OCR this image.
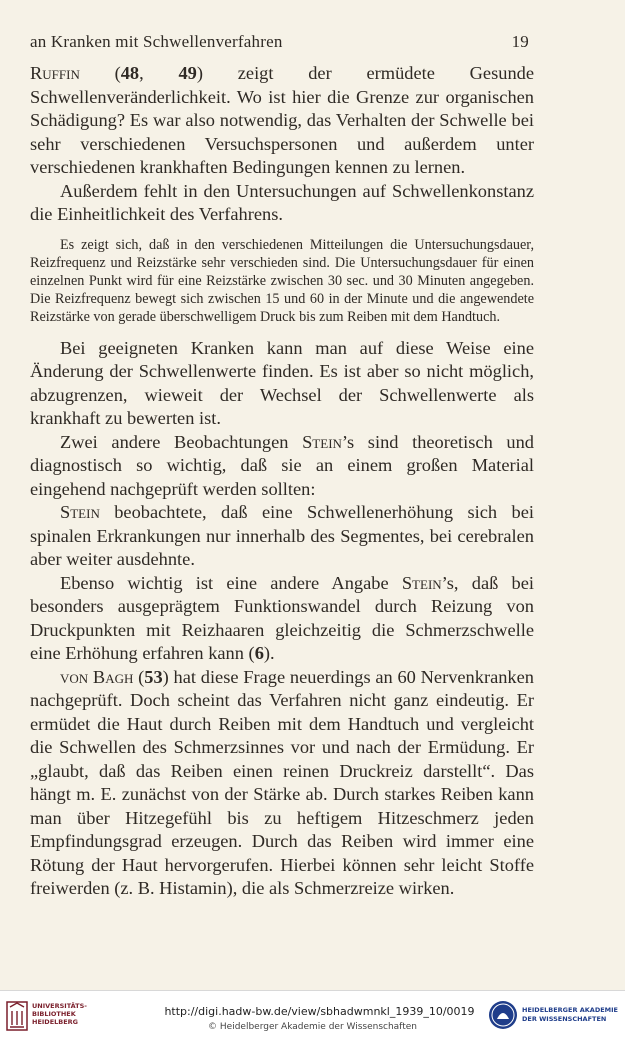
an Kranken mit Schwellenverfahren	19

Ruffin (48, 49) zeigt der ermüdete Gesunde Schwellenveränderlichkeit. Wo ist hier die Grenze zur organischen Schädigung? Es war also notwendig, das Verhalten der Schwelle bei sehr verschiedenen Versuchspersonen und außerdem unter verschiedenen krankhaften Bedingungen kennen zu lernen.

Außerdem fehlt in den Untersuchungen auf Schwellenkonstanz die Einheitlichkeit des Verfahrens.

Es zeigt sich, daß in den verschiedenen Mitteilungen die Untersuchungsdauer, Reizfrequenz und Reizstärke sehr verschieden sind. Die Untersuchungsdauer für einen einzelnen Punkt wird für eine Reizstärke zwischen 30 sec. und 30 Minuten angegeben. Die Reizfrequenz bewegt sich zwischen 15 und 60 in der Minute und die angewendete Reizstärke von gerade überschwelligem Druck bis zum Reiben mit dem Handtuch.

Bei geeigneten Kranken kann man auf diese Weise eine Änderung der Schwellenwerte finden. Es ist aber so nicht möglich, abzugrenzen, wieweit der Wechsel der Schwellenwerte als krankhaft zu bewerten ist.

Zwei andere Beobachtungen Stein’s sind theoretisch und diagnostisch so wichtig, daß sie an einem großen Material eingehend nachgeprüft werden sollten:

Stein beobachtete, daß eine Schwellenerhöhung sich bei spinalen Erkrankungen nur innerhalb des Segmentes, bei cerebralen aber weiter ausdehnte.

Ebenso wichtig ist eine andere Angabe Stein’s, daß bei besonders ausgeprägtem Funktionswandel durch Reizung von Druckpunkten mit Reizhaaren gleichzeitig die Schmerzschwelle eine Erhöhung erfahren kann (6).

von Bagh (53) hat diese Frage neuerdings an 60 Nervenkranken nachgeprüft. Doch scheint das Verfahren nicht ganz eindeutig. Er ermüdet die Haut durch Reiben mit dem Handtuch und vergleicht die Schwellen des Schmerzsinnes vor und nach der Ermüdung. Er „glaubt, daß das Reiben einen reinen Druckreiz darstellt“. Das hängt m. E. zunächst von der Stärke ab. Durch starkes Reiben kann man über Hitzegefühl bis zu heftigem Hitzeschmerz jeden Empfindungsgrad erzeugen. Durch das Reiben wird immer eine Rötung der Haut hervorgerufen. Hierbei können sehr leicht Stoffe freiwerden (z. B. Histamin), die als Schmerzreize wirken.

UNIVERSITÄTS-
BIBLIOTHEK
HEIDELBERG
http://digi.hadw-bw.de/view/sbhadwmnkl_1939_10/0019
© Heidelberger Akademie der Wissenschaften
HEIDELBERGER AKADEMIE
DER WISSENSCHAFTEN
